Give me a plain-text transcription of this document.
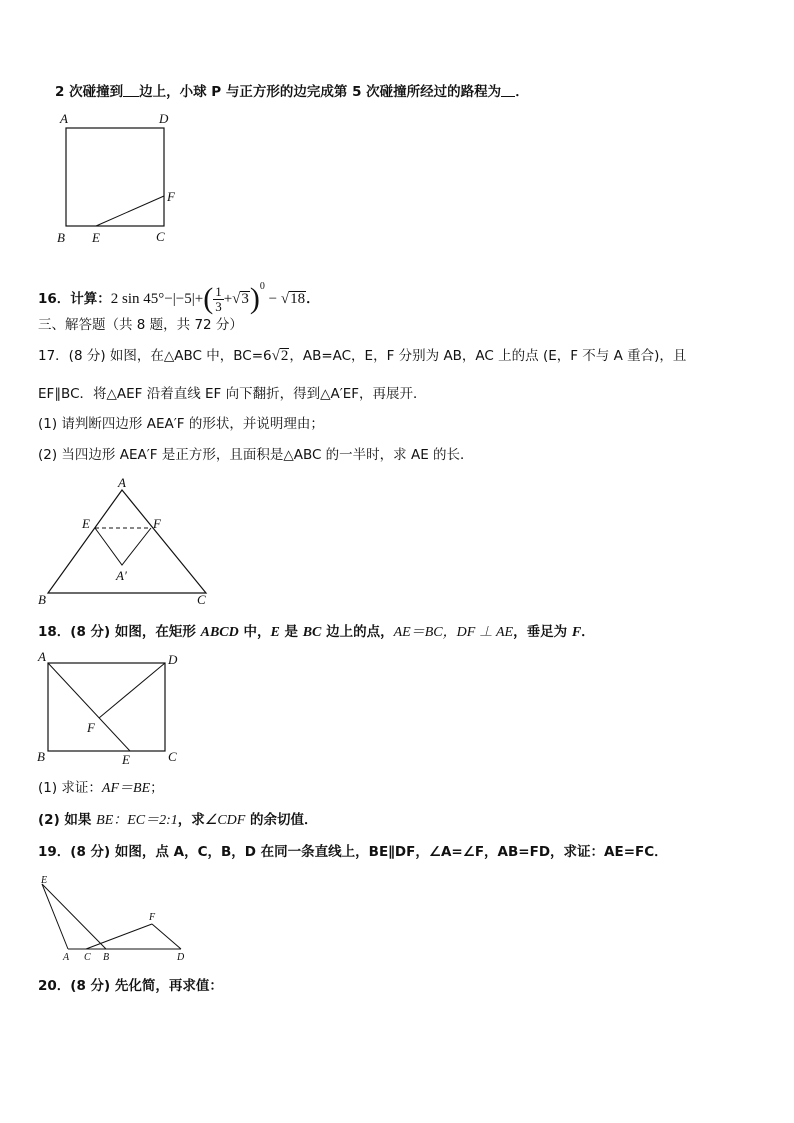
2 次碰撞到 边上，小球 P 与正方形的边完成第 5 次碰撞所经过的路程为 ．
A	D
F
B E	C
16．计算：2 $\sin 45^\circ-|-5|+( \frac{1}{3} +√3)^0 - √18$．
三、解答题（共 8 题，共 72 分）
17．(8 分) 如图，在△ABC 中，BC=6√2，AB=AC，E，F 分别为 AB，AC 上的点 (E，F 不与 A 重合)，且
EF∥BC．将△AEF 沿着直线 EF 向下翻折，得到△A′EF，再展开．
(1) 请判断四边形 AEA′F 的形状，并说明理由；
(2) 当四边形 AEA′F 是正方形，且面积是△ABC 的一半时，求 AE 的长．
A
E	F
A′
B	C
18．(8 分) 如图，在矩形 ABCD 中，E 是 BC 边上的点，AE＝BC，DF ⊥ AE，垂足为 F．
A	D
F
B	E	C
(1) 求证：AF＝BE；
(2) 如果 BE：EC＝2:1，求∠CDF 的余切值．
19．(8 分) 如图，点 A，C，B，D 在同一条直线上，BE∥DF，∠A=∠F，AB=FD，求证：AE=FC．
E
F
A C B	D
20．(8 分) 先化简，再求值：
